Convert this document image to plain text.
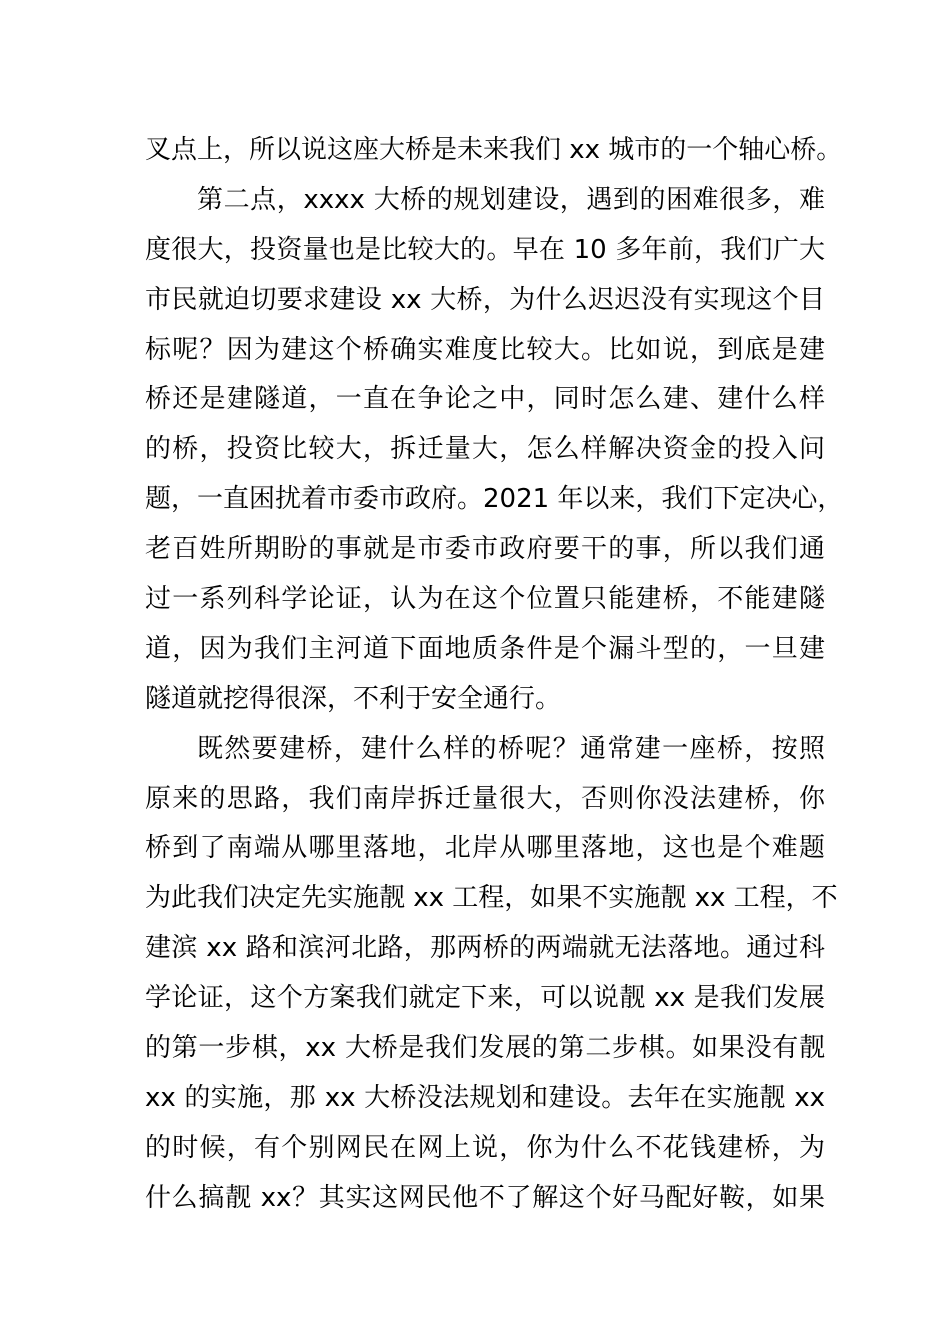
叉点上，所以说这座大桥是未来我们 xx 城市的一个轴心桥。
第二点，xxxx 大桥的规划建设，遇到的困难很多，难
度很大，投资量也是比较大的。早在 10 多年前，我们广大
市民就迫切要求建设 xx 大桥，为什么迟迟没有实现这个目
标呢？因为建这个桥确实难度比较大。比如说，到底是建
桥还是建隧道，一直在争论之中，同时怎么建、建什么样
的桥，投资比较大，拆迁量大，怎么样解决资金的投入问
题，一直困扰着市委市政府。2021 年以来，我们下定决心，
老百姓所期盼的事就是市委市政府要干的事，所以我们通
过一系列科学论证，认为在这个位置只能建桥，不能建隧
道，因为我们主河道下面地质条件是个漏斗型的，一旦建
隧道就挖得很深，不利于安全通行。
既然要建桥，建什么样的桥呢？通常建一座桥，按照
原来的思路，我们南岸拆迁量很大，否则你没法建桥，你
桥到了南端从哪里落地，北岸从哪里落地，这也是个难题
为此我们决定先实施靓 xx 工程，如果不实施靓 xx 工程，不
建滨 xx 路和滨河北路，那两桥的两端就无法落地。通过科
学论证，这个方案我们就定下来，可以说靓 xx 是我们发展
的第一步棋，xx 大桥是我们发展的第二步棋。如果没有靓
xx 的实施，那 xx 大桥没法规划和建设。去年在实施靓 xx
的时候，有个别网民在网上说，你为什么不花钱建桥，为
什么搞靓 xx？其实这网民他不了解这个好马配好鞍，如果
